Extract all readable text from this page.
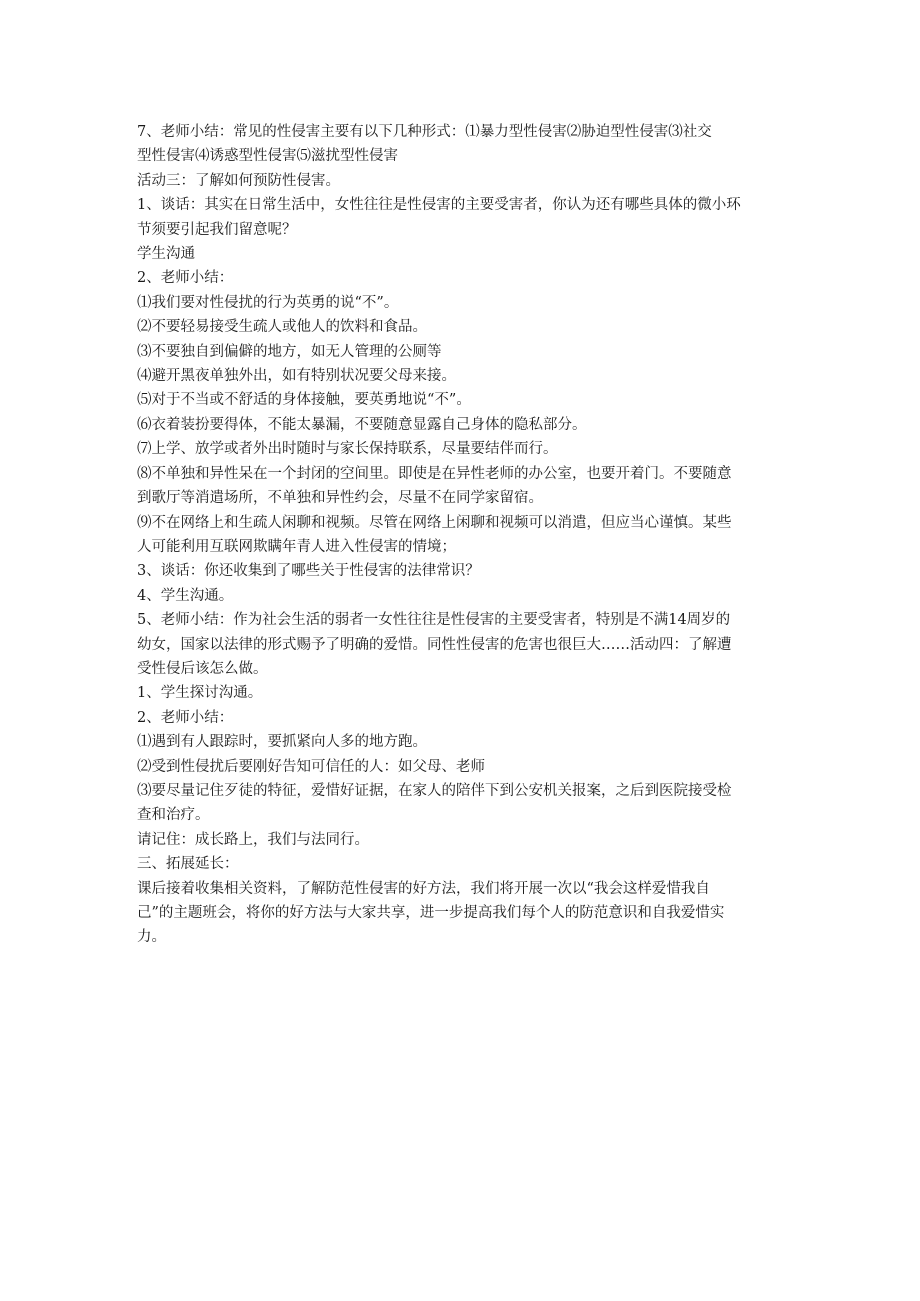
7、老师小结：常见的性侵害主要有以下几种形式：⑴暴力型性侵害⑵胁迫型性侵害⑶社交

型性侵害⑷诱惑型性侵害⑸滋扰型性侵害

活动三：了解如何预防性侵害。

1、谈话：其实在日常生活中，女性往往是性侵害的主要受害者，你认为还有哪些具体的微小环

节须要引起我们留意呢？

学生沟通

2、老师小结：

⑴我们要对性侵扰的行为英勇的说“不”。

⑵不要轻易接受生疏人或他人的饮料和食品。

⑶不要独自到偏僻的地方，如无人管理的公厕等

⑷避开黑夜单独外出，如有特别状况要父母来接。

⑸对于不当或不舒适的身体接触，要英勇地说“不”。

⑹衣着装扮要得体，不能太暴漏，不要随意显露自己身体的隐私部分。

⑺上学、放学或者外出时随时与家长保持联系，尽量要结伴而行。

⑻不单独和异性呆在一个封闭的空间里。即使是在异性老师的办公室，也要开着门。不要随意

到歌厅等消遣场所，不单独和异性约会，尽量不在同学家留宿。

⑼不在网络上和生疏人闲聊和视频。尽管在网络上闲聊和视频可以消遣，但应当心谨慎。某些

人可能利用互联网欺瞒年青人进入性侵害的情境；

3、谈话：你还收集到了哪些关于性侵害的法律常识？

4、学生沟通。

5、老师小结：作为社会生活的弱者一女性往往是性侵害的主要受害者，特别是不满14周岁的

幼女，国家以法律的形式赐予了明确的爱惜。同性性侵害的危害也很巨大……活动四：了解遭

受性侵后该怎么做。

1、学生探讨沟通。

2、老师小结：

⑴遇到有人跟踪时，要抓紧向人多的地方跑。

⑵受到性侵扰后要刚好告知可信任的人：如父母、老师

⑶要尽量记住歹徒的特征，爱惜好证据，在家人的陪伴下到公安机关报案，之后到医院接受检

查和治疗。

请记住：成长路上，我们与法同行。

三、拓展延长：

课后接着收集相关资料，了解防范性侵害的好方法，我们将开展一次以“我会这样爱惜我自

己”的主题班会，将你的好方法与大家共享，进一步提高我们每个人的防范意识和自我爱惜实

力。
